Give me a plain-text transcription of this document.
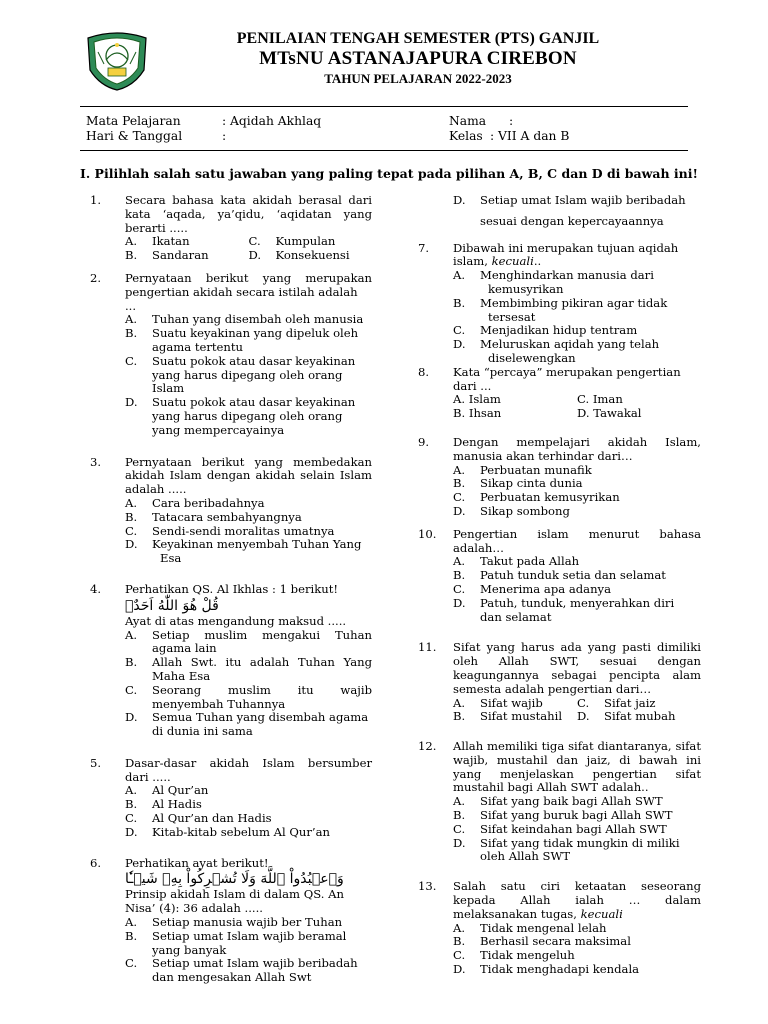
PENILAIAN TENGAH SEMESTER (PTS) GANJIL
MTsNU ASTANAJAPURA CIREBON
TAHUN PELAJARAN 2022-2023
Mata Pelajaran	: Aqidah Akhlaq
Hari & Tanggal	:
Nama :
Kelas : VII A dan B
I. Pilihlah salah satu jawaban yang paling tepat pada pilihan A, B, C dan D di bawah ini!
1.	Secara bahasa kata akidah berasal dari
kata ‘aqada, ya’qidu, ‘aqidatan yang
berarti .....
A.	Ikatan	C.	Kumpulan
B.	Sandaran	D.	Konsekuensi
2.	Pernyataan berikut yang merupakan
pengertian akidah secara istilah adalah ...
A.	Tuhan yang disembah oleh manusia
B.	Suatu keyakinan yang dipeluk oleh
agama tertentu
C.	Suatu pokok atau dasar keyakinan
yang harus dipegang oleh orang
Islam
D.	Suatu pokok atau dasar keyakinan
yang harus dipegang oleh orang
yang mempercayainya
3.	Pernyataan berikut yang membedakan
akidah Islam dengan akidah selain Islam
adalah .....
A.	Cara beribadahnya
B.	Tatacara sembahyangnya
C.	Sendi-sendi moralitas umatnya
D.	Keyakinan menyembah Tuhan Yang
Esa
4.	Perhatikan QS. Al Ikhlas : 1 berikut!
قُلْ هُوَ اللّٰهُ اَحَدٌۚ
Ayat di atas mengandung maksud .....
A.	Setiap muslim mengakui Tuhan
agama lain
B.	Allah Swt. itu adalah Tuhan Yang
Maha Esa
C.	Seorang muslim itu wajib
menyembah Tuhannya
D.	Semua Tuhan yang disembah agama
di dunia ini sama
5.	Dasar-dasar akidah Islam bersumber
dari .....
A.	Al Qur’an
B.	Al Hadis
C.	Al Qur’an dan Hadis
D.	Kitab-kitab sebelum Al Qur’an
6.	Perhatikan ayat berikut!
وَٱعۡبُدُواْ ٱللَّهَ وَلَا تُشۡرِكُواْ بِهِۦ شَيۡـٔٗا
Prinsip akidah Islam di dalam QS. An
Nisa’ (4): 36 adalah .....
A.	Setiap manusia wajib ber Tuhan
B.	Setiap umat Islam wajib beramal
yang banyak
C.	Setiap umat Islam wajib beribadah
dan mengesakan Allah Swt
D.	Setiap umat Islam wajib beribadah
sesuai dengan kepercayaannya
7.	Dibawah ini merupakan tujuan aqidah
islam, kecuali..
A.	Menghindarkan manusia dari
kemusyrikan
B.	Membimbing pikiran agar tidak
tersesat
C.	Menjadikan hidup tentram
D.	Meluruskan aqidah yang telah
diselewengkan
8.	Kata “percaya” merupakan pengertian
dari ...
A. Islam	C. Iman
B. Ihsan	D. Tawakal
9.	Dengan mempelajari akidah Islam,
manusia akan terhindar dari…
A.	Perbuatan munafik
B.	Sikap cinta dunia
C.	Perbuatan kemusyrikan
D.	Sikap sombong
10.	Pengertian islam menurut bahasa
adalah…
A.	Takut pada Allah
B.	Patuh tunduk setia dan selamat
C.	Menerima apa adanya
D.	Patuh, tunduk, menyerahkan diri
dan selamat
11.	Sifat yang harus ada yang pasti dimiliki
oleh Allah SWT, sesuai dengan
keagungannya sebagai pencipta alam
semesta adalah pengertian dari…
A.	Sifat wajib	C.	Sifat jaiz
B.	Sifat mustahil D.	Sifat mubah
12.	Allah memiliki tiga sifat diantaranya, sifat
wajib, mustahil dan jaiz, di bawah ini
yang menjelaskan pengertian sifat
mustahil bagi Allah SWT adalah..
A.	Sifat yang baik bagi Allah SWT
B.	Sifat yang buruk bagi Allah SWT
C.	Sifat keindahan bagi Allah SWT
D.	Sifat yang tidak mungkin di miliki
oleh Allah SWT
13.	Salah satu ciri ketaatan seseorang
kepada Allah ialah … dalam
melaksanakan tugas, kecuali
A.	Tidak mengenal lelah
B.	Berhasil secara maksimal
C.	Tidak mengeluh
D.	Tidak menghadapi kendala
